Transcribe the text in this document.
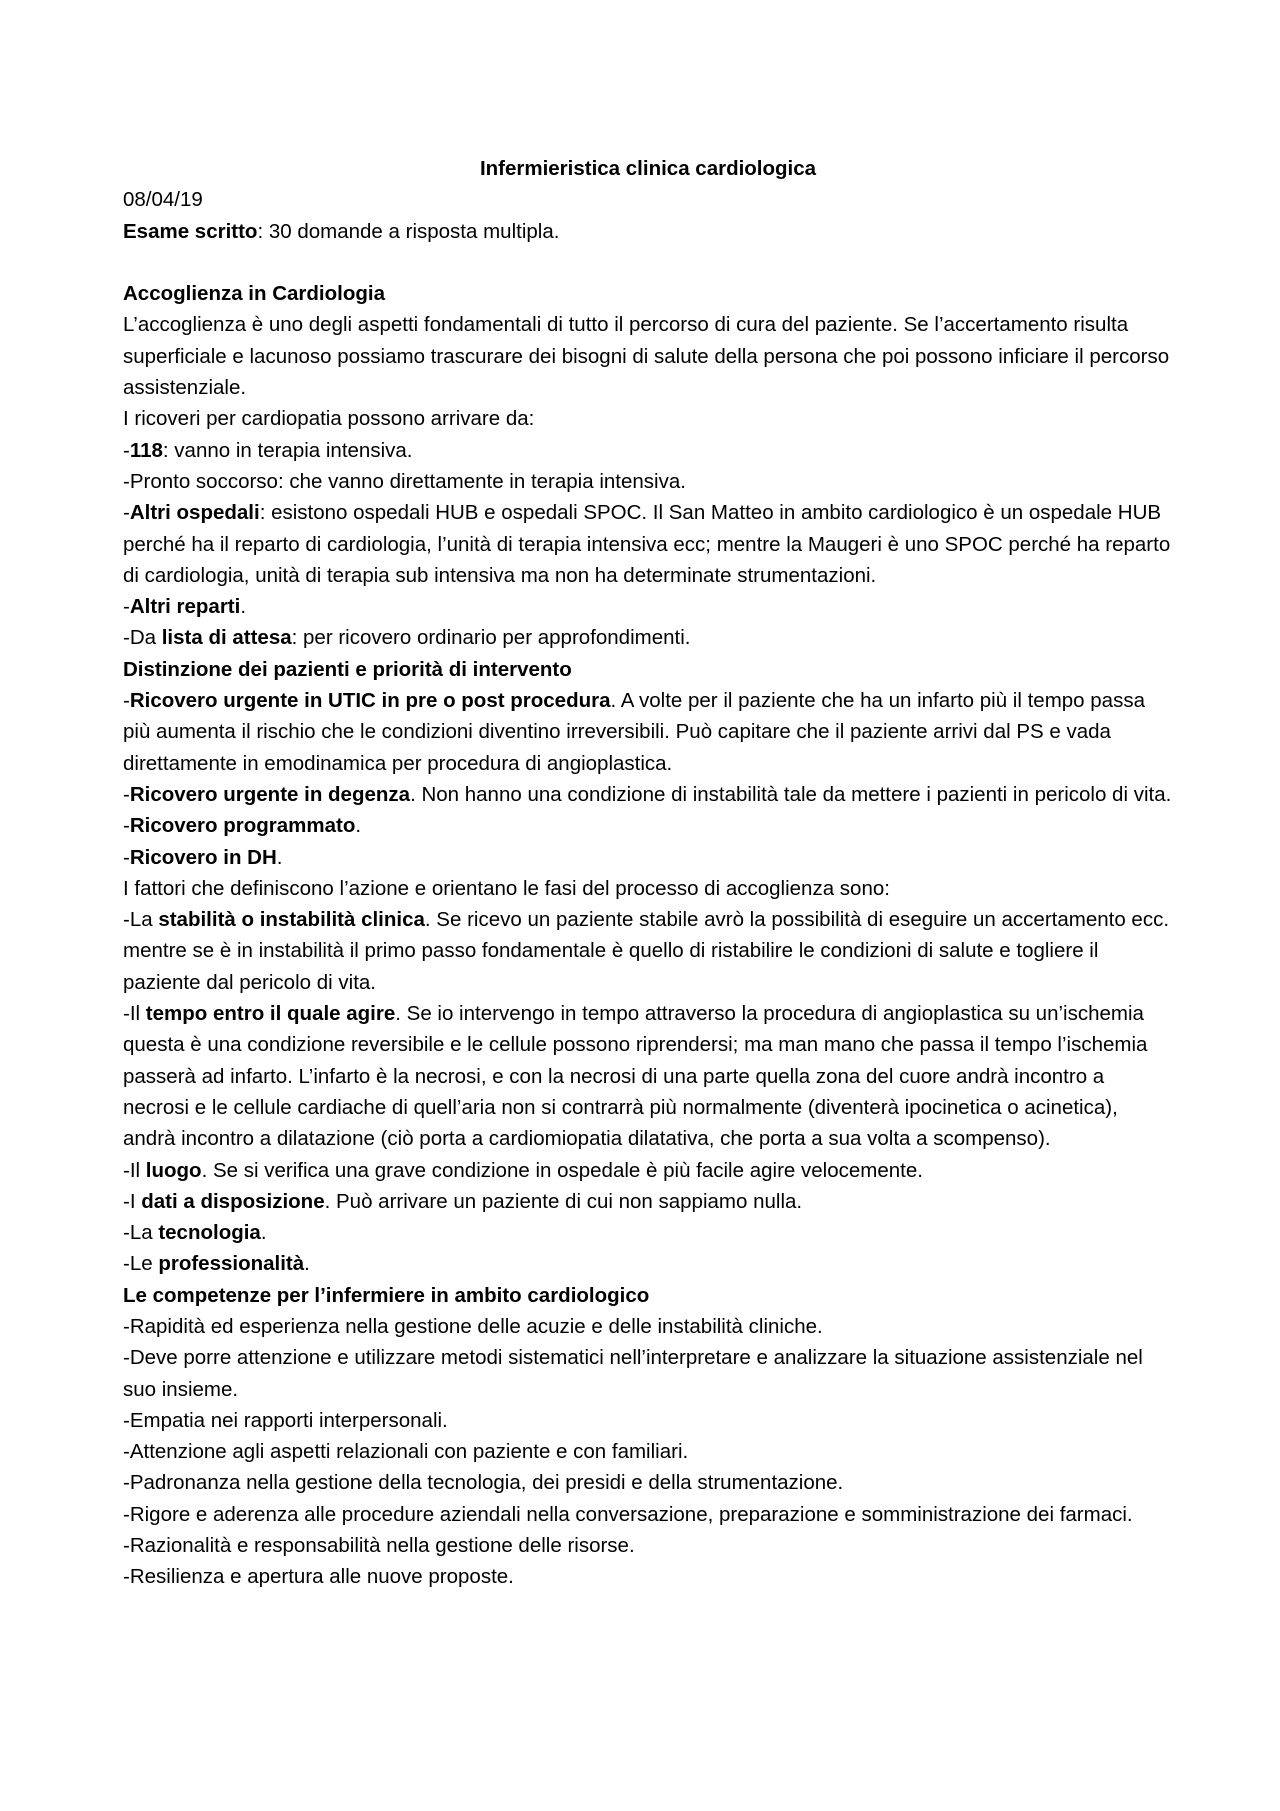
Infermieristica clinica cardiologica

08/04/19

Esame scritto: 30 domande a risposta multipla.

Accoglienza in Cardiologia

L’accoglienza è uno degli aspetti fondamentali di tutto il percorso di cura del paziente. Se l’accertamento risulta superficiale e lacunoso possiamo trascurare dei bisogni di salute della persona che poi possono inficiare il percorso assistenziale.

I ricoveri per cardiopatia possono arrivare da:

-118: vanno in terapia intensiva.

-Pronto soccorso: che vanno direttamente in terapia intensiva.

-Altri ospedali: esistono ospedali HUB e ospedali SPOC. Il San Matteo in ambito cardiologico è un ospedale HUB perché ha il reparto di cardiologia, l’unità di terapia intensiva ecc; mentre la Maugeri è uno SPOC perché ha reparto di cardiologia, unità di terapia sub intensiva ma non ha determinate strumentazioni.

-Altri reparti.

-Da lista di attesa: per ricovero ordinario per approfondimenti.

Distinzione dei pazienti e priorità di intervento

-Ricovero urgente in UTIC in pre o post procedura. A volte per il paziente che ha un infarto più il tempo passa più aumenta il rischio che le condizioni diventino irreversibili. Può capitare che il paziente arrivi dal PS e vada direttamente in emodinamica per procedura di angioplastica.

-Ricovero urgente in degenza. Non hanno una condizione di instabilità tale da mettere i pazienti in pericolo di vita.

-Ricovero programmato.

-Ricovero in DH.

I fattori che definiscono l’azione e orientano le fasi del processo di accoglienza sono:

-La stabilità o instabilità clinica. Se ricevo un paziente stabile avrò la possibilità di eseguire un accertamento ecc. mentre se è in instabilità il primo passo fondamentale è quello di ristabilire le condizioni di salute e togliere il paziente dal pericolo di vita.

-Il tempo entro il quale agire. Se io intervengo in tempo attraverso la procedura di angioplastica su un’ischemia questa è una condizione reversibile e le cellule possono riprendersi; ma man mano che passa il tempo l’ischemia passerà ad infarto. L’infarto è la necrosi, e con la necrosi di una parte quella zona del cuore andrà incontro a necrosi e le cellule cardiache di quell’aria non si contrarrà più normalmente (diventerà ipocinetica o acinetica), andrà incontro a dilatazione (ciò porta a cardiomiopatia dilatativa, che porta a sua volta a scompenso).

-Il luogo. Se si verifica una grave condizione in ospedale è più facile agire velocemente.

-I dati a disposizione. Può arrivare un paziente di cui non sappiamo nulla.

-La tecnologia.

-Le professionalità.

Le competenze per l’infermiere in ambito cardiologico

-Rapidità ed esperienza nella gestione delle acuzie e delle instabilità cliniche.

-Deve porre attenzione e utilizzare metodi sistematici nell’interpretare e analizzare la situazione assistenziale nel suo insieme.

-Empatia nei rapporti interpersonali.

-Attenzione agli aspetti relazionali con paziente e con familiari.

-Padronanza nella gestione della tecnologia, dei presidi e della strumentazione.

-Rigore e aderenza alle procedure aziendali nella conversazione, preparazione e somministrazione dei farmaci.

-Razionalità e responsabilità nella gestione delle risorse.

-Resilienza e apertura alle nuove proposte.
